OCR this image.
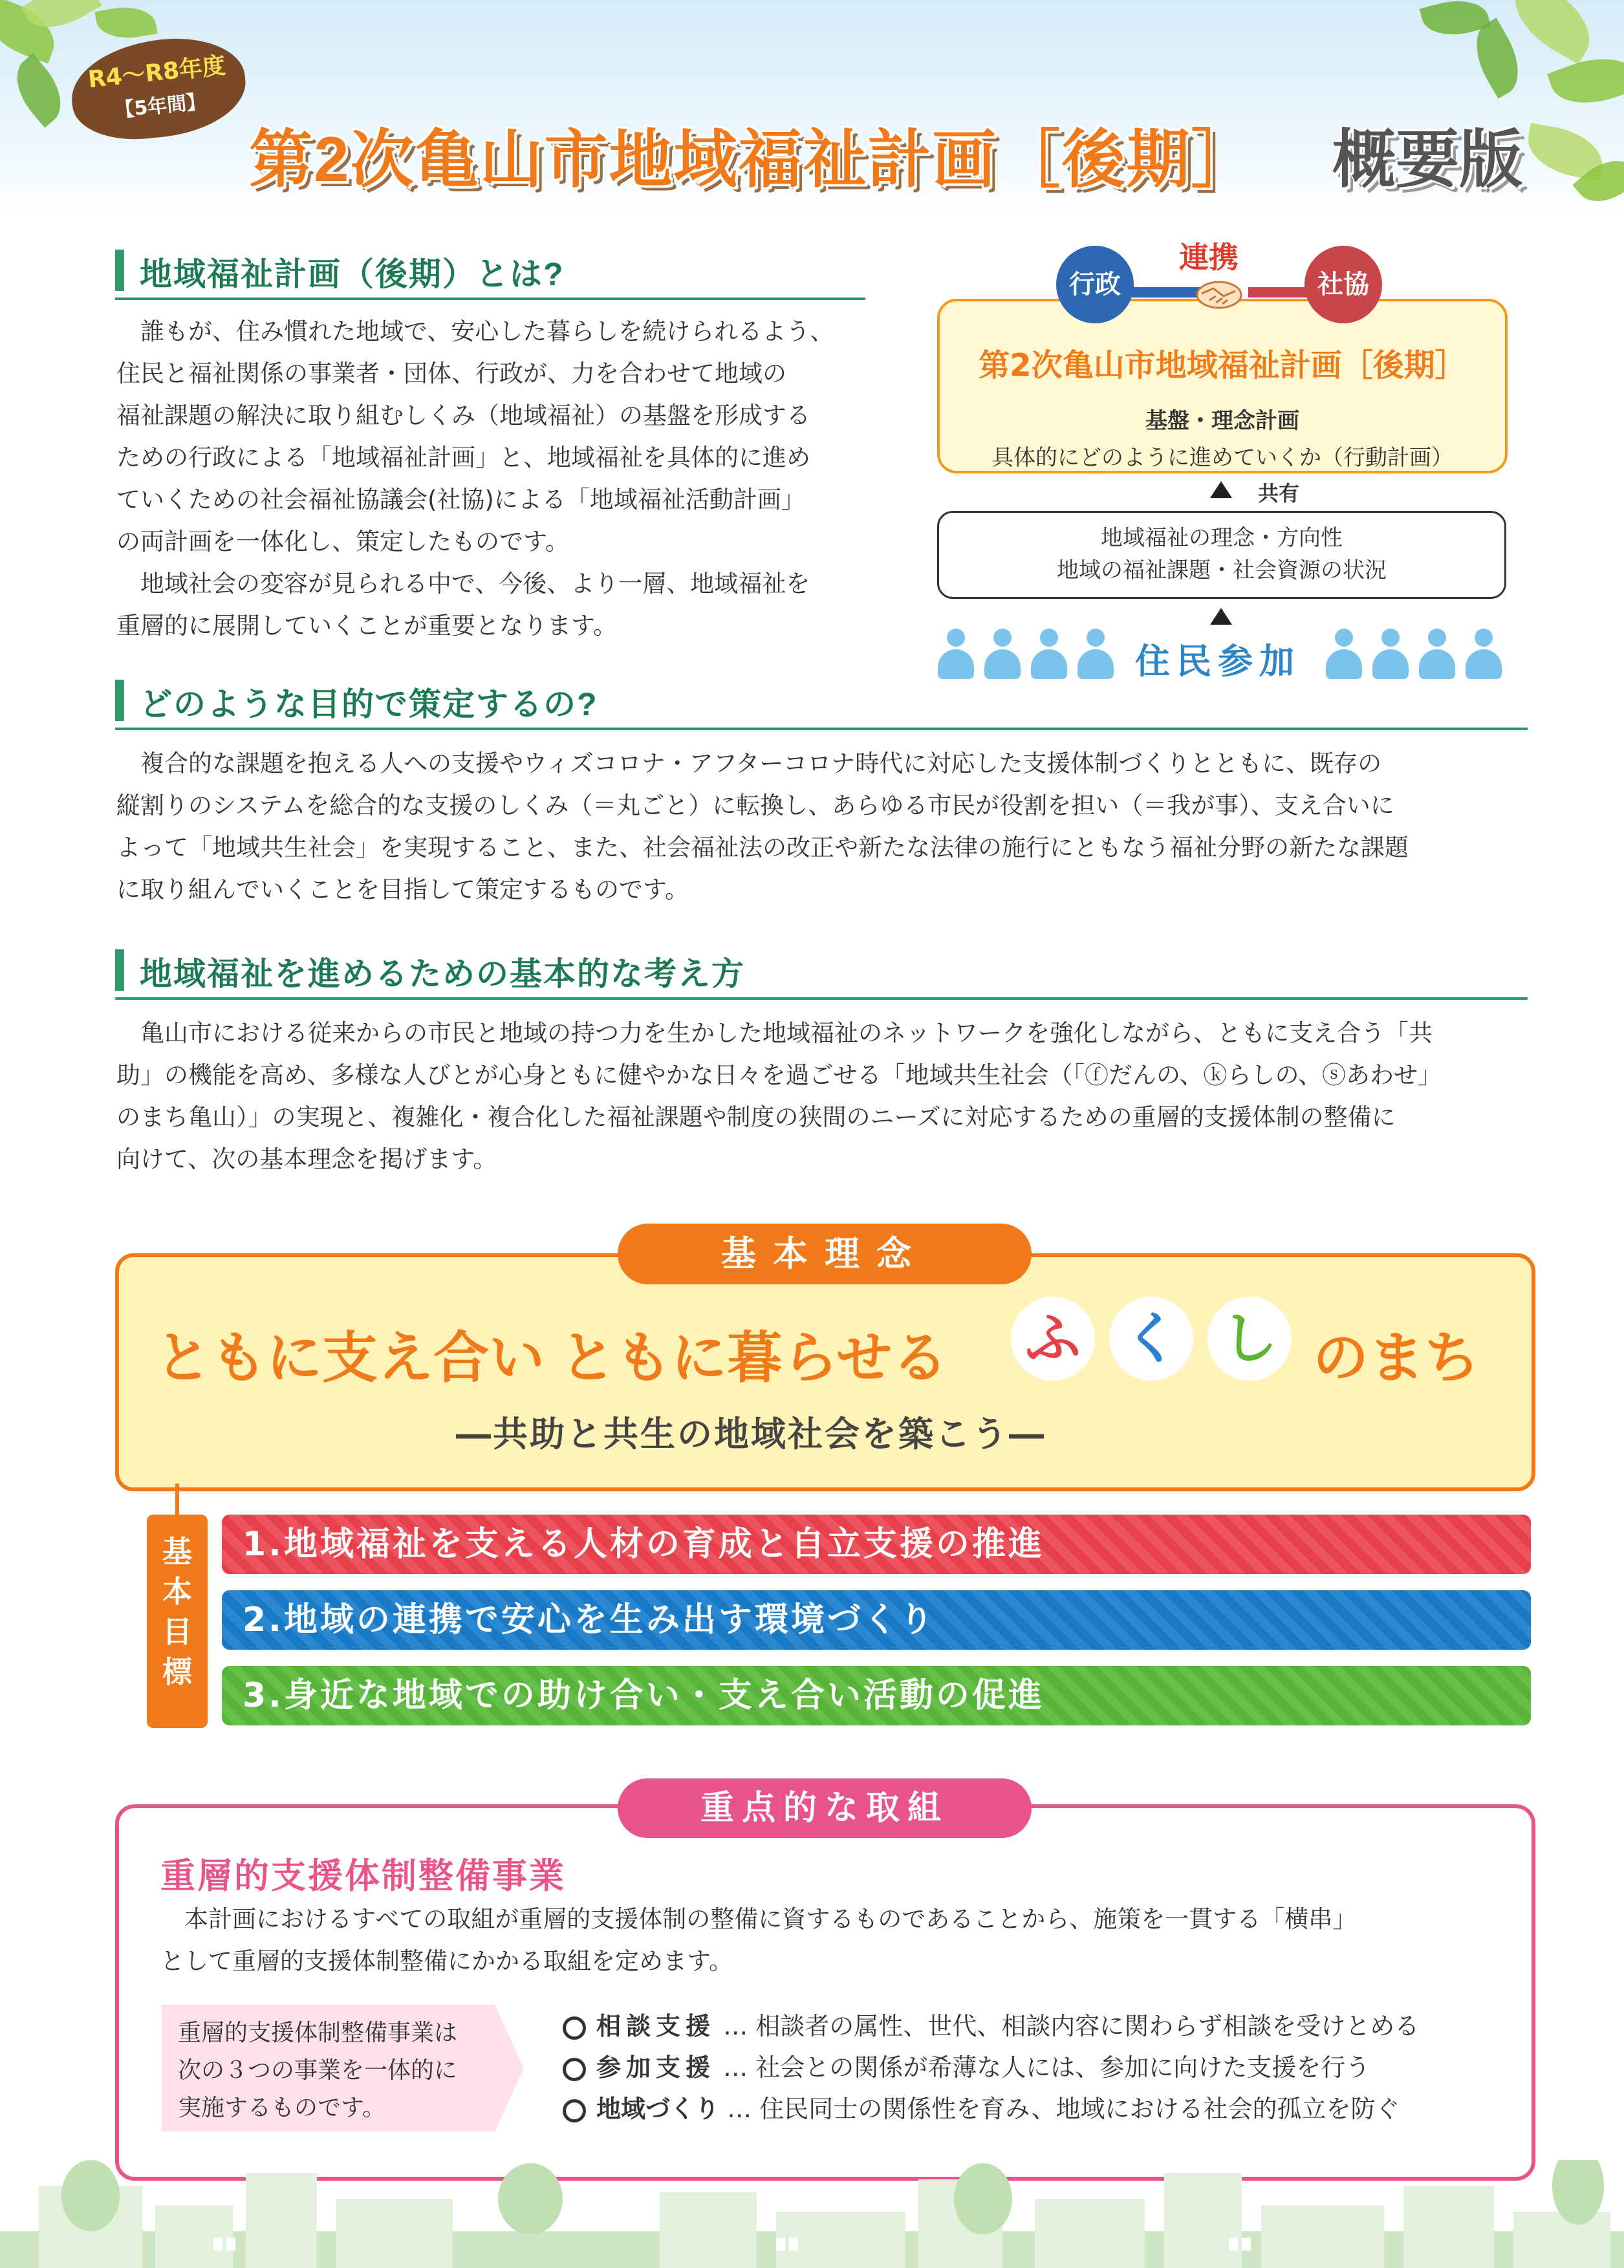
R4〜R8年度
【5年間】
第2次亀山市地域福祉計画［後期］ 概要版
地域福祉計画（後期）とは?

　誰もが、住み慣れた地域で、安心した暮らしを続けられるよう、

住民と福祉関係の事業者・団体、行政が、力を合わせて地域の

福祉課題の解決に取り組むしくみ（地域福祉）の基盤を形成する

ための行政による「地域福祉計画」と、地域福祉を具体的に進め

ていくための社会福祉協議会(社協)による「地域福祉活動計画」

の両計画を一体化し、策定したものです。

　地域社会の変容が見られる中で、今後、より一層、地域福祉を

重層的に展開していくことが重要となります。

行政	社協
連携
第2次亀山市地域福祉計画［後期］
基盤・理念計画
具体的にどのように進めていくか（行動計画）
共有
地域福祉の理念・方向性
地域の福祉課題・社会資源の状況
住民参加
どのような目的で策定するの?

　複合的な課題を抱える人への支援やウィズコロナ・アフターコロナ時代に対応した支援体制づくりとともに、既存の

縦割りのシステムを総合的な支援のしくみ（＝丸ごと）に転換し、あらゆる市民が役割を担い（＝我が事）、支え合いに

よって「地域共生社会」を実現すること、また、社会福祉法の改正や新たな法律の施行にともなう福祉分野の新たな課題

に取り組んでいくことを目指して策定するものです。

地域福祉を進めるための基本的な考え方

　亀山市における従来からの市民と地域の持つ力を生かした地域福祉のネットワークを強化しながら、ともに支え合う「共

助」の機能を高め、多様な人びとが心身ともに健やかな日々を過ごせる「地域共生社会（「ⓕだんの、ⓚらしの、ⓢあわせ」

のまち亀山）」の実現と、複雑化・複合化した福祉課題や制度の狭間のニーズに対応するための重層的支援体制の整備に

向けて、次の基本理念を掲げます。

基本理念
ともに支え合い ともに暮らせる ふ く し のまち
―共助と共生の地域社会を築こう―
基本目標
1.地域福祉を支える人材の育成と自立支援の推進
2.地域の連携で安心を生み出す環境づくり
3.身近な地域での助け合い・支え合い活動の促進
重点的な取組
重層的支援体制整備事業
　本計画におけるすべての取組が重層的支援体制の整備に資するものであることから、施策を一貫する「横串」
として重層的支援体制整備にかかる取組を定めます。
重層的支援体制整備事業は
次の３つの事業を一体的に
実施するものです。
相談支援 … 相談者の属性、世代、相談内容に関わらず相談を受けとめる
参加支援 … 社会との関係が希薄な人には、参加に向けた支援を行う
地域づくり … 住民同士の関係性を育み、地域における社会的孤立を防ぐ
